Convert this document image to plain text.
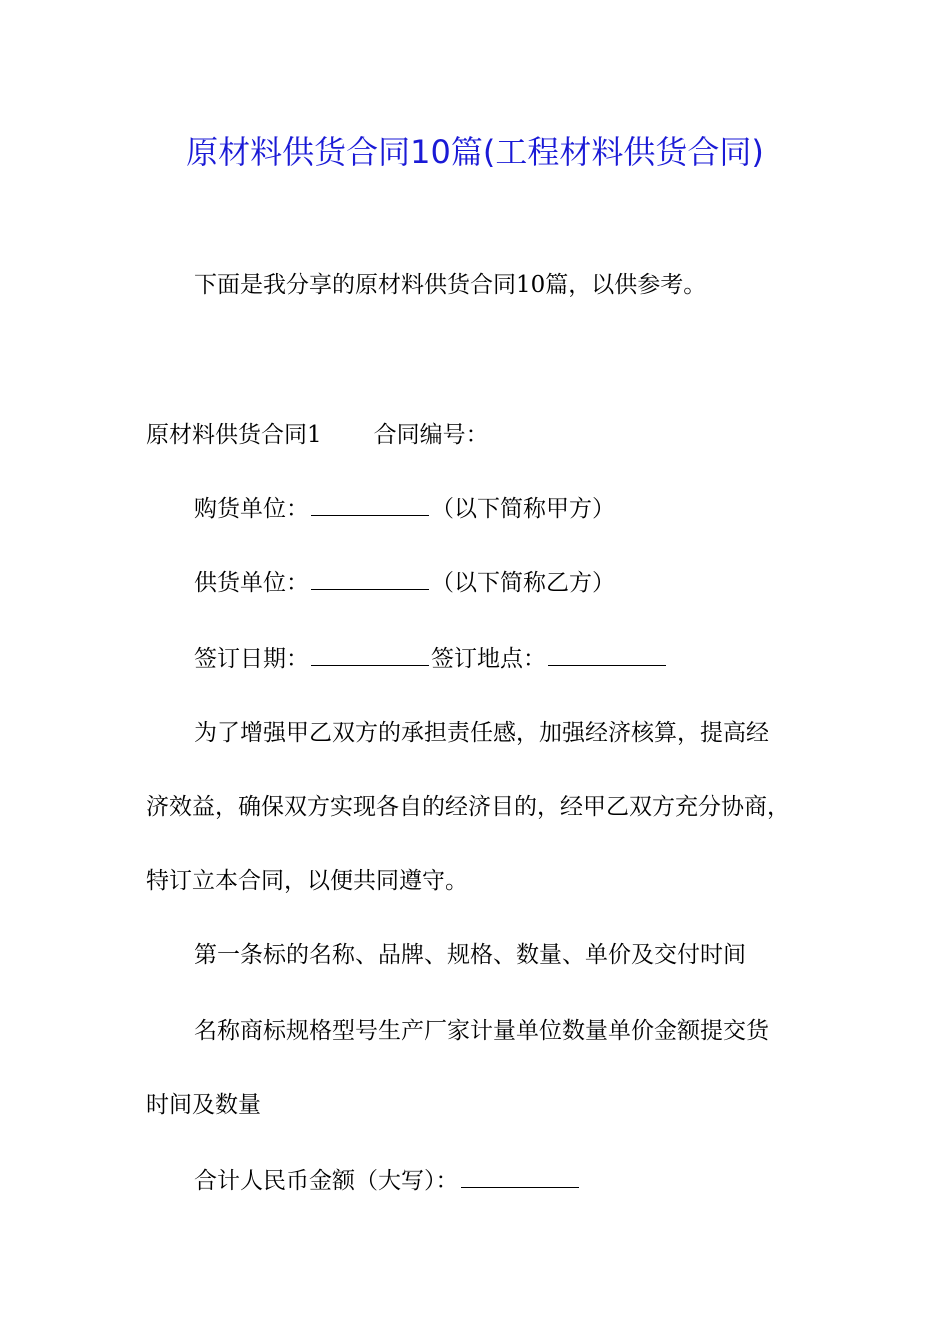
原材料供货合同10篇(工程材料供货合同)
下面是我分享的原材料供货合同10篇，以供参考。
原材料供货合同1 合同编号：
购货单位：	（以下简称甲方）
供货单位：	（以下简称乙方）
签订日期：	签订地点：
为了增强甲乙双方的承担责任感，加强经济核算，提高经
济效益，确保双方实现各自的经济目的，经甲乙双方充分协商，
特订立本合同，以便共同遵守。
第一条标的名称、品牌、规格、数量、单价及交付时间
名称商标规格型号生产厂家计量单位数量单价金额提交货
时间及数量
合计人民币金额（大写）：
